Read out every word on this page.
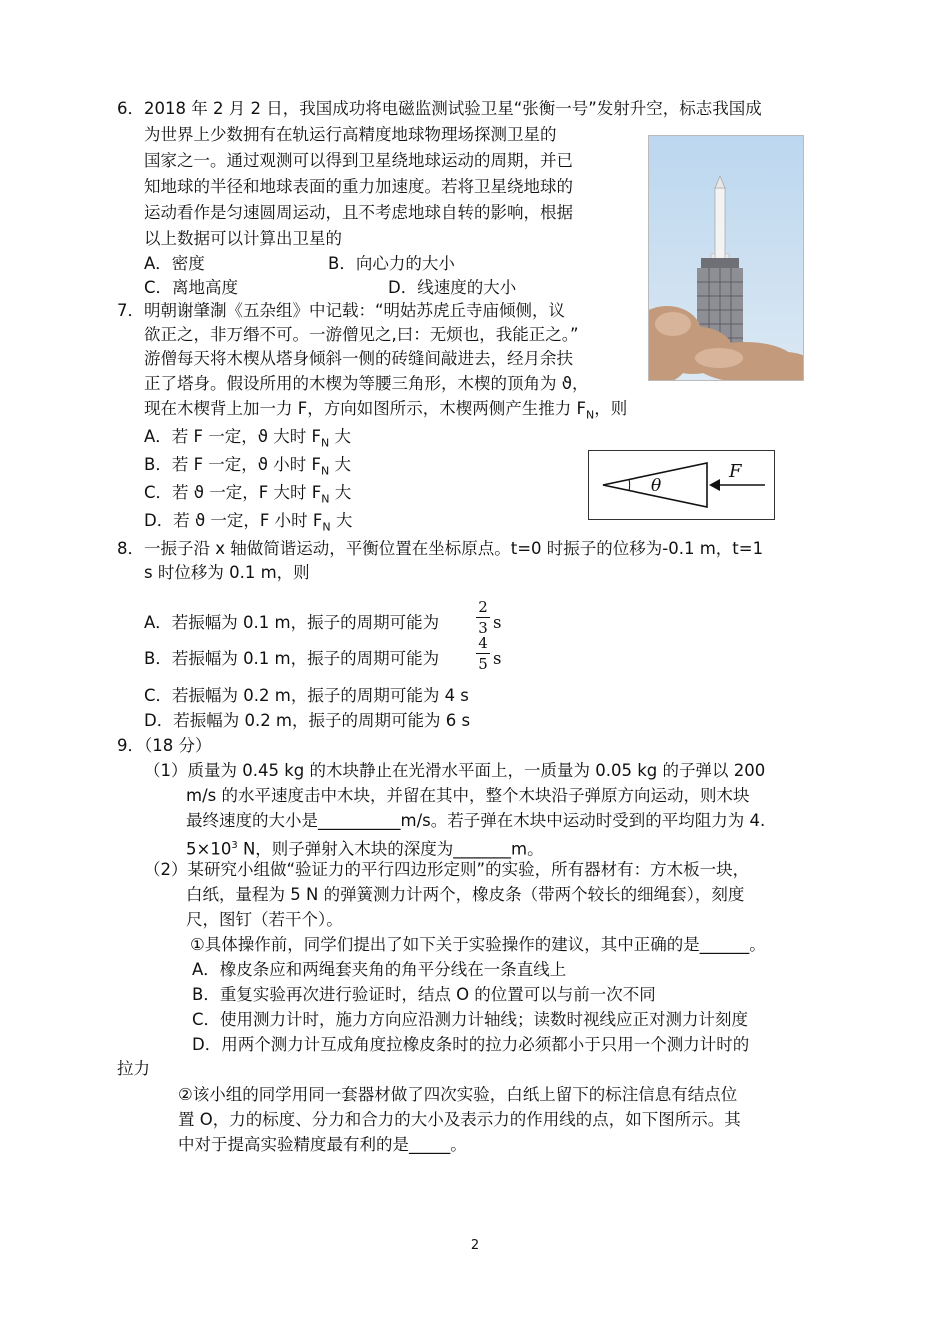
6．2018 年 2 月 2 日，我国成功将电磁监测试验卫星“张衡一号”发射升空，标志我国成
为世界上少数拥有在轨运行高精度地球物理场探测卫星的
国家之一。通过观测可以得到卫星绕地球运动的周期，并已
知地球的半径和地球表面的重力加速度。若将卫星绕地球的
运动看作是匀速圆周运动，且不考虑地球自转的影响，根据
以上数据可以计算出卫星的
A．密度	B．向心力的大小
C．离地高度	D．线速度的大小
7．明朝谢肇淛《五杂组》中记载：“明姑苏虎丘寺庙倾侧，议
欲正之，非万缗不可。一游僧见之,曰：无烦也，我能正之。”
游僧每天将木楔从塔身倾斜一侧的砖缝间敲进去，经月余扶
正了塔身。假设所用的木楔为等腰三角形，木楔的顶角为 ϑ，
现在木楔背上加一力 F，方向如图所示，木楔两侧产生推力 $F_N$，则
A．若 F 一定，ϑ 大时 $F_N$ 大
B．若 F 一定，ϑ 小时 $F_N$ 大
C．若 ϑ 一定，F 大时 $F_N$ 大
D．若 ϑ 一定，F 小时 $F_N$ 大
θ
F
8．一振子沿 x 轴做简谐运动，平衡位置在坐标原点。t=0 时振子的位移为-0.1 m，t=1
s 时位移为 0.1 m，则
A．若振幅为 0.1 m，振子的周期可能为
2
3 s
B．若振幅为 0.1 m，振子的周期可能为
4
5 s
C．若振幅为 0.2 m，振子的周期可能为 4 s
D．若振幅为 0.2 m，振子的周期可能为 6 s
9．（18 分）
（1）质量为 0.45 kg 的木块静止在光滑水平面上，一质量为 0.05 kg 的子弹以 200
m/s 的水平速度击中木块，并留在其中，整个木块沿子弹原方向运动，则木块
最终速度的大小是__________m/s。若子弹在木块中运动时受到的平均阻力为 4.
$5\times 10^3$ N，则子弹射入木块的深度为_______m。
（2）某研究小组做“验证力的平行四边形定则”的实验，所有器材有：方木板一块，
白纸，量程为 5 N 的弹簧测力计两个，橡皮条（带两个较长的细绳套），刻度
尺，图钉（若干个）。
①具体操作前，同学们提出了如下关于实验操作的建议，其中正确的是______。
A．橡皮条应和两绳套夹角的角平分线在一条直线上
B．重复实验再次进行验证时，结点 O 的位置可以与前一次不同
C．使用测力计时，施力方向应沿测力计轴线；读数时视线应正对测力计刻度
D．用两个测力计互成角度拉橡皮条时的拉力必须都小于只用一个测力计时的
拉力
②该小组的同学用同一套器材做了四次实验，白纸上留下的标注信息有结点位
置 O，力的标度、分力和合力的大小及表示力的作用线的点，如下图所示。其
中对于提高实验精度最有利的是_____。
2
